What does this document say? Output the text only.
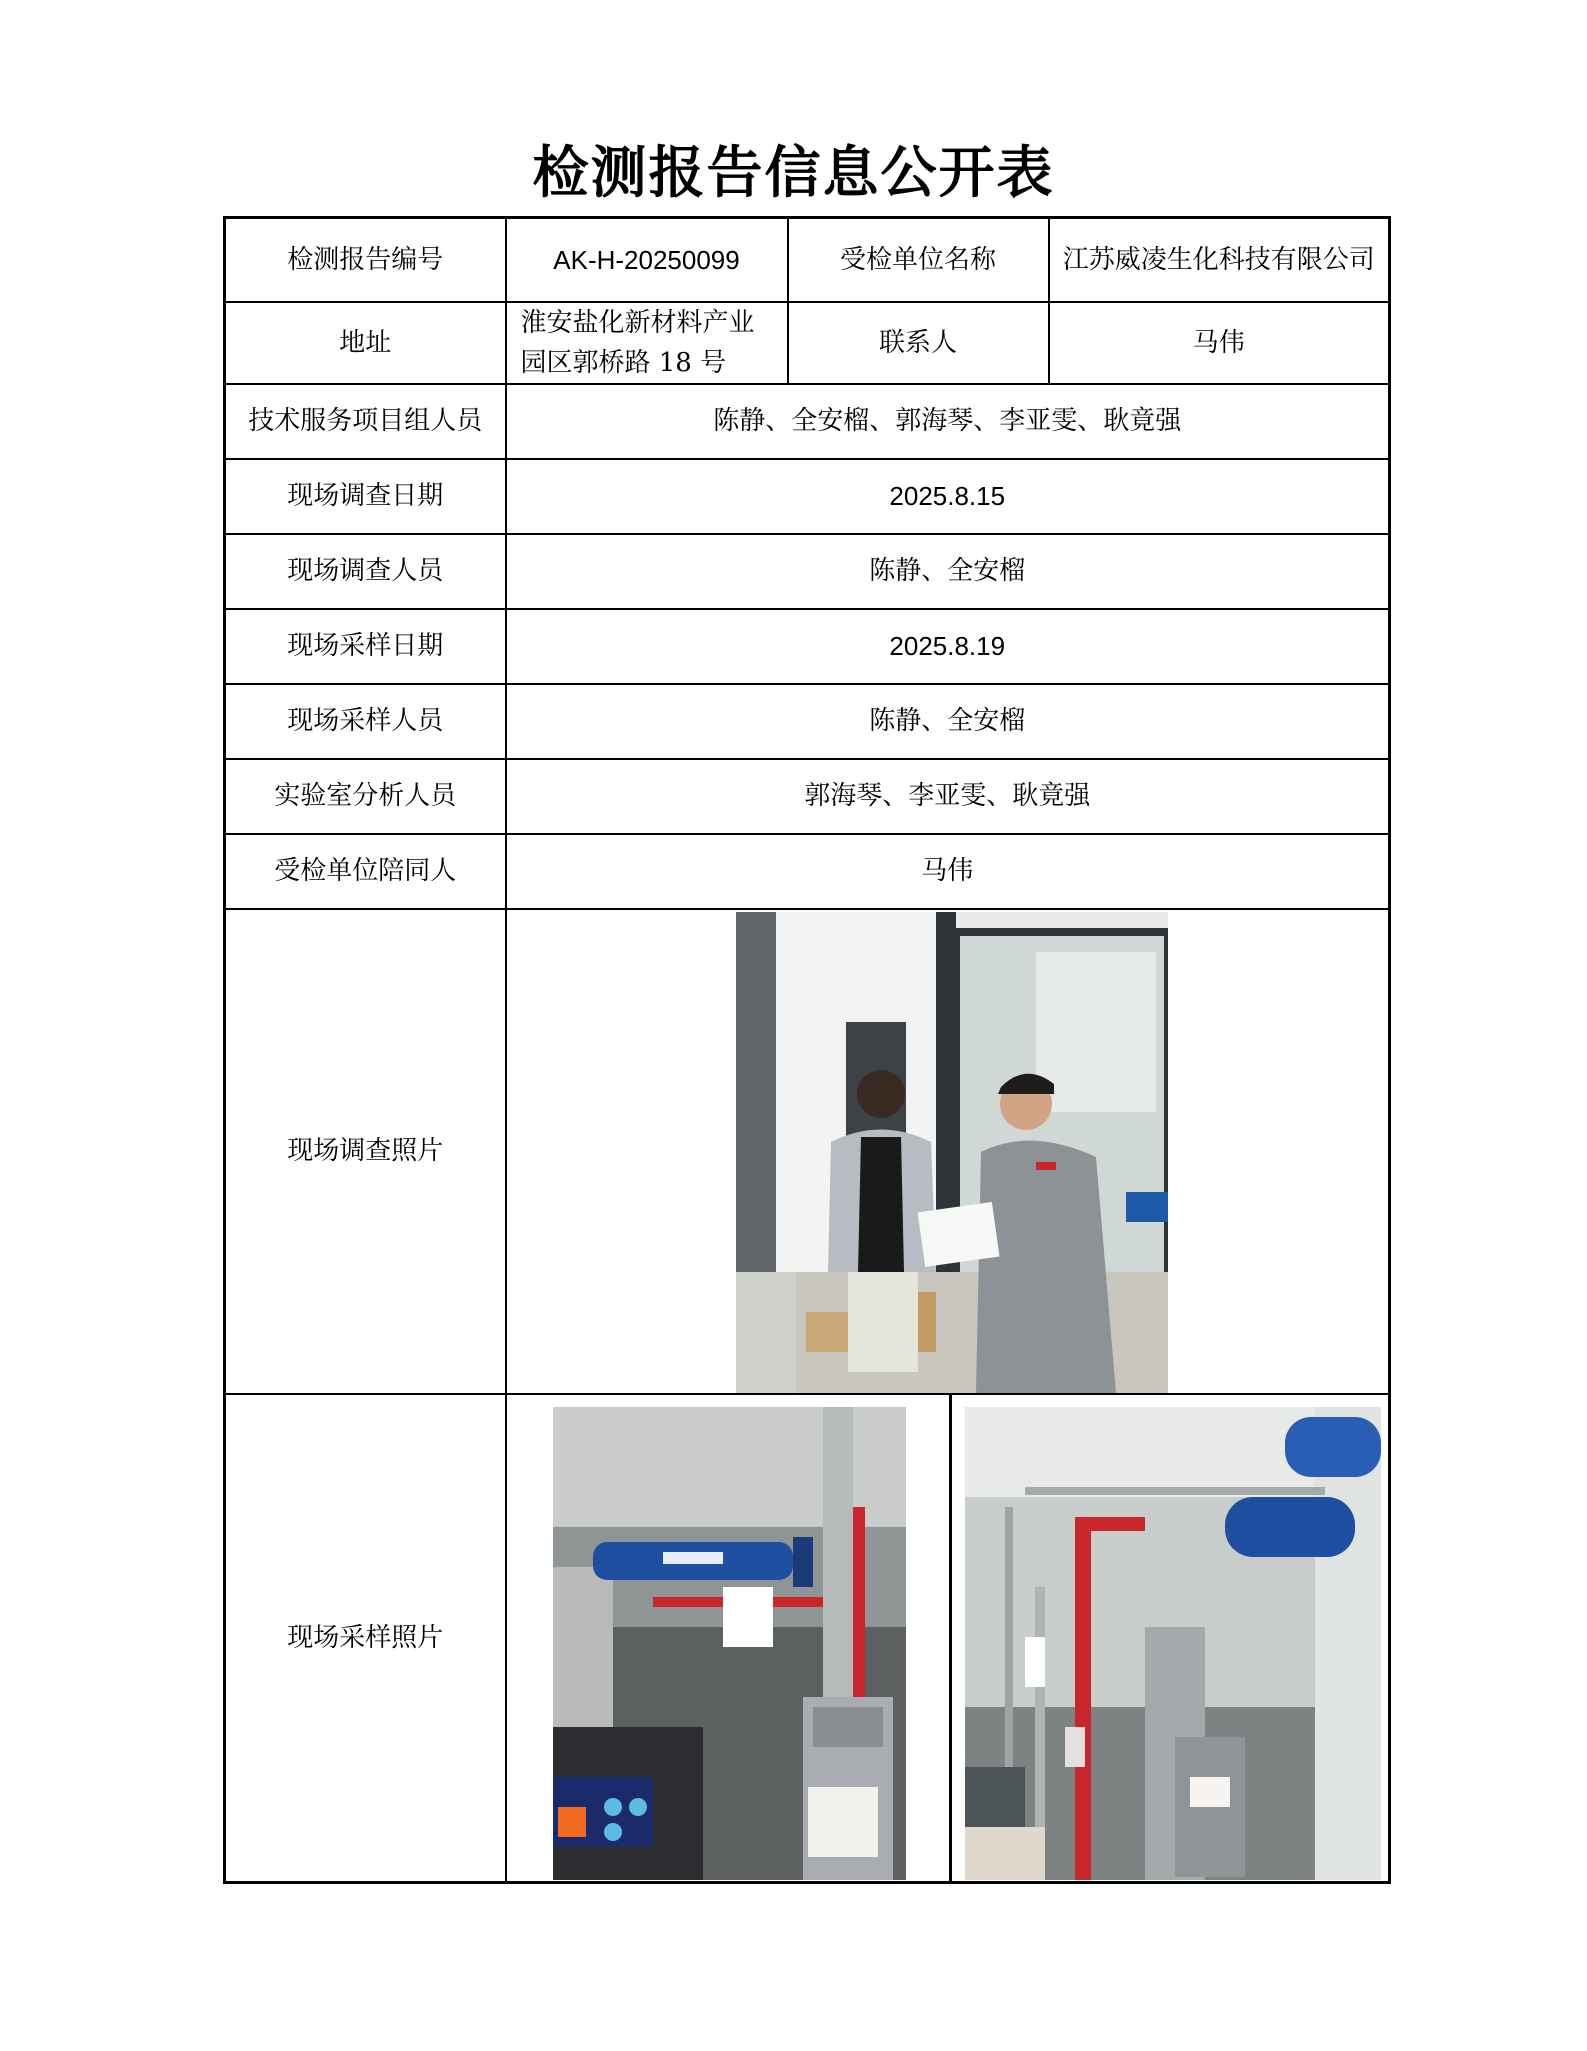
检测报告信息公开表
检测报告编号	AK-H-20250099	受检单位名称	江苏威凌生化科技有限公司
地址	淮安盐化新材料产业园区郭桥路 18 号	联系人	马伟
技术服务项目组人员	陈静、全安榴、郭海琴、李亚雯、耿竟强		
现场调查日期	2025.8.15		
现场调查人员	陈静、全安榴		
现场采样日期	2025.8.19		
现场采样人员	陈静、全安榴		
实验室分析人员	郭海琴、李亚雯、耿竟强		
受检单位陪同人	马伟		
现场调查照片	

现场采样照片	
